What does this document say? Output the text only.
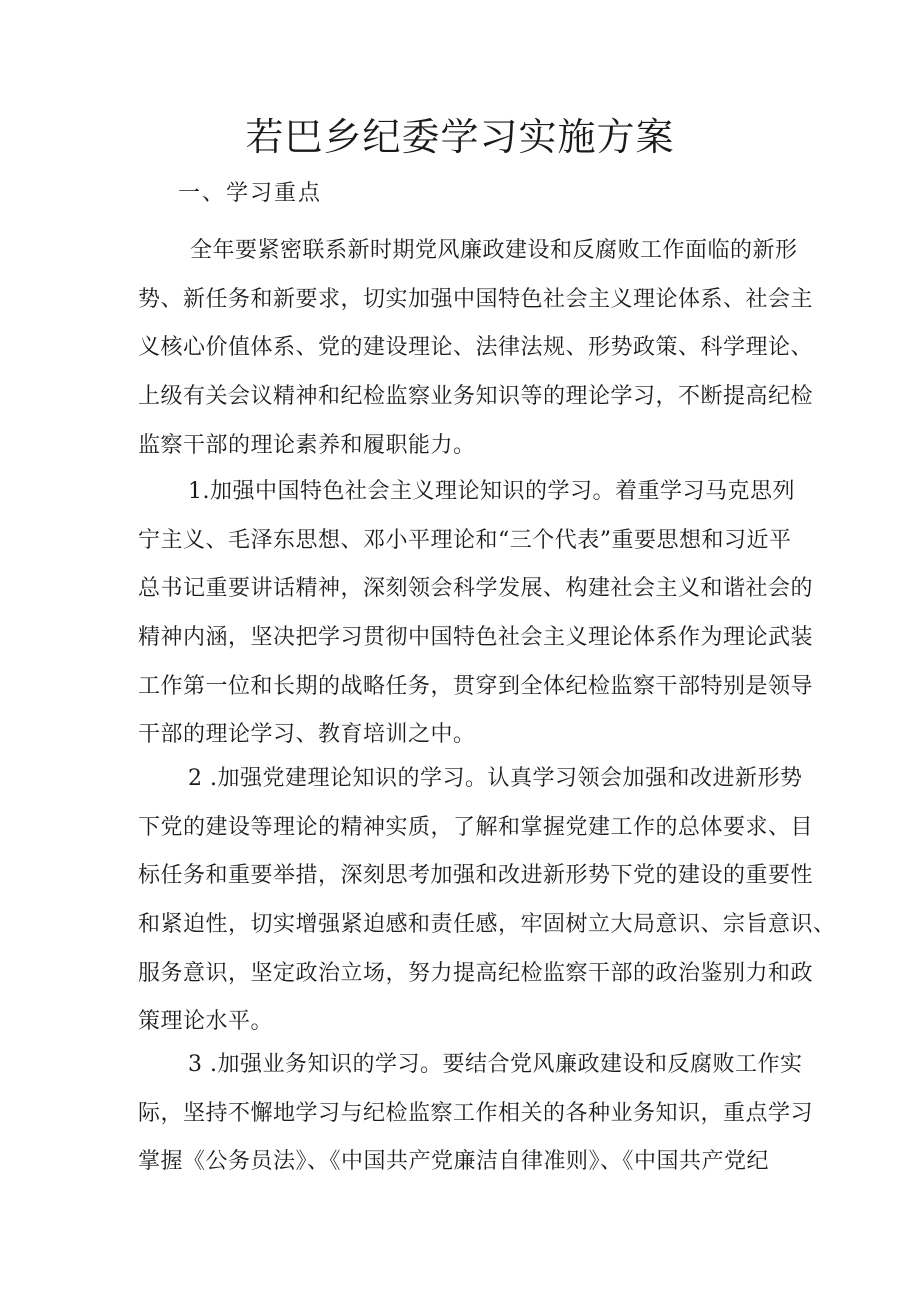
若巴乡纪委学习实施方案
一、学习重点
全年要紧密联系新时期党风廉政建设和反腐败工作面临的新形
势、新任务和新要求，切实加强中国特色社会主义理论体系、社会主
义核心价值体系、党的建设理论、法律法规、形势政策、科学理论、
上级有关会议精神和纪检监察业务知识等的理论学习，不断提高纪检
监察干部的理论素养和履职能力。
1.加强中国特色社会主义理论知识的学习。着重学习马克思列
宁主义、毛泽东思想、邓小平理论和“三个代表”重要思想和习近平
总书记重要讲话精神，深刻领会科学发展、构建社会主义和谐社会的
精神内涵，坚决把学习贯彻中国特色社会主义理论体系作为理论武装
工作第一位和长期的战略任务，贯穿到全体纪检监察干部特别是领导
干部的理论学习、教育培训之中。
2 .加强党建理论知识的学习。认真学习领会加强和改进新形势
下党的建设等理论的精神实质，了解和掌握党建工作的总体要求、目
标任务和重要举措，深刻思考加强和改进新形势下党的建设的重要性
和紧迫性，切实增强紧迫感和责任感，牢固树立大局意识、宗旨意识、
服务意识，坚定政治立场，努力提高纪检监察干部的政治鉴别力和政
策理论水平。
3 .加强业务知识的学习。要结合党风廉政建设和反腐败工作实
际，坚持不懈地学习与纪检监察工作相关的各种业务知识，重点学习
掌握《公务员法》、《中国共产党廉洁自律准则》、《中国共产党纪
